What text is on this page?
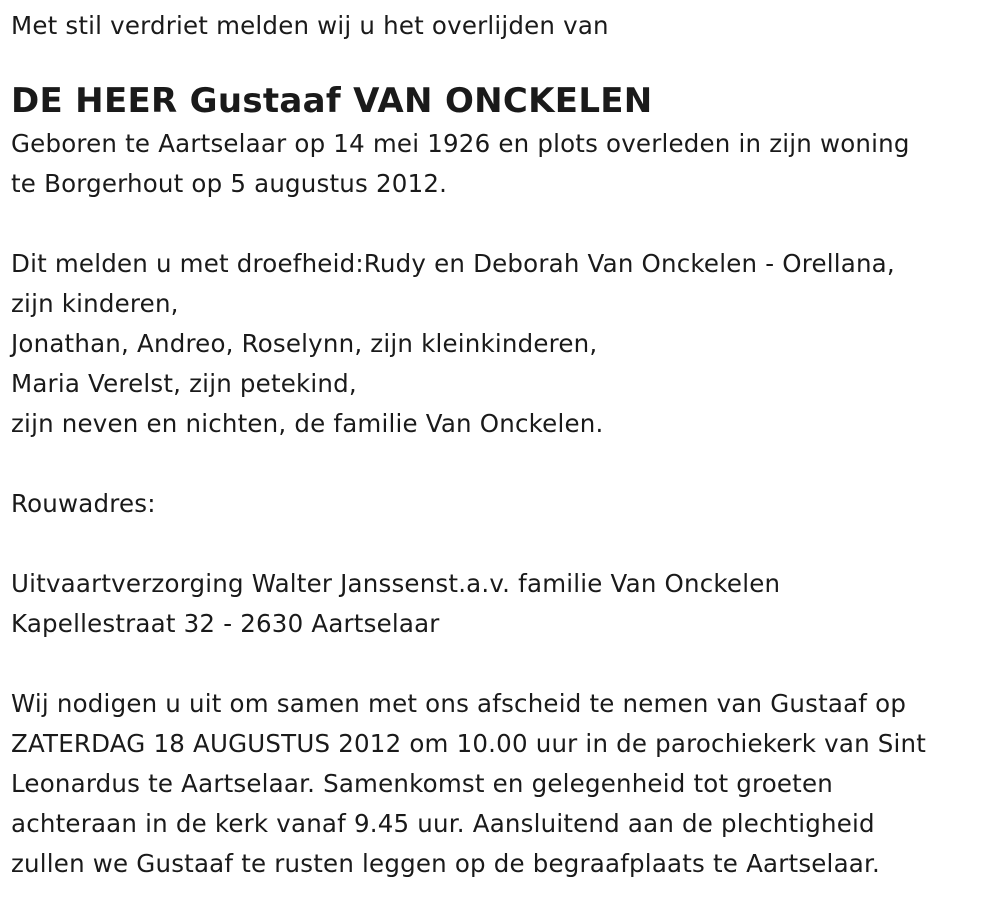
Met stil verdriet melden wij u het overlijden van
DE HEER Gustaaf VAN ONCKELEN
Geboren te Aartselaar op 14 mei 1926 en plots overleden in zijn woning
te Borgerhout op 5 augustus 2012.
Dit melden u met droefheid:Rudy en Deborah Van Onckelen - Orellana,
zijn kinderen,
Jonathan, Andreo, Roselynn, zijn kleinkinderen,
Maria Verelst, zijn petekind,
zijn neven en nichten, de familie Van Onckelen.
Rouwadres:
Uitvaartverzorging Walter Janssenst.a.v. familie Van Onckelen
Kapellestraat 32 - 2630 Aartselaar
Wij nodigen u uit om samen met ons afscheid te nemen van Gustaaf op
ZATERDAG 18 AUGUSTUS 2012 om 10.00 uur in de parochiekerk van Sint
Leonardus te Aartselaar. Samenkomst en gelegenheid tot groeten
achteraan in de kerk vanaf 9.45 uur. Aansluitend aan de plechtigheid
zullen we Gustaaf te rusten leggen op de begraafplaats te Aartselaar.
